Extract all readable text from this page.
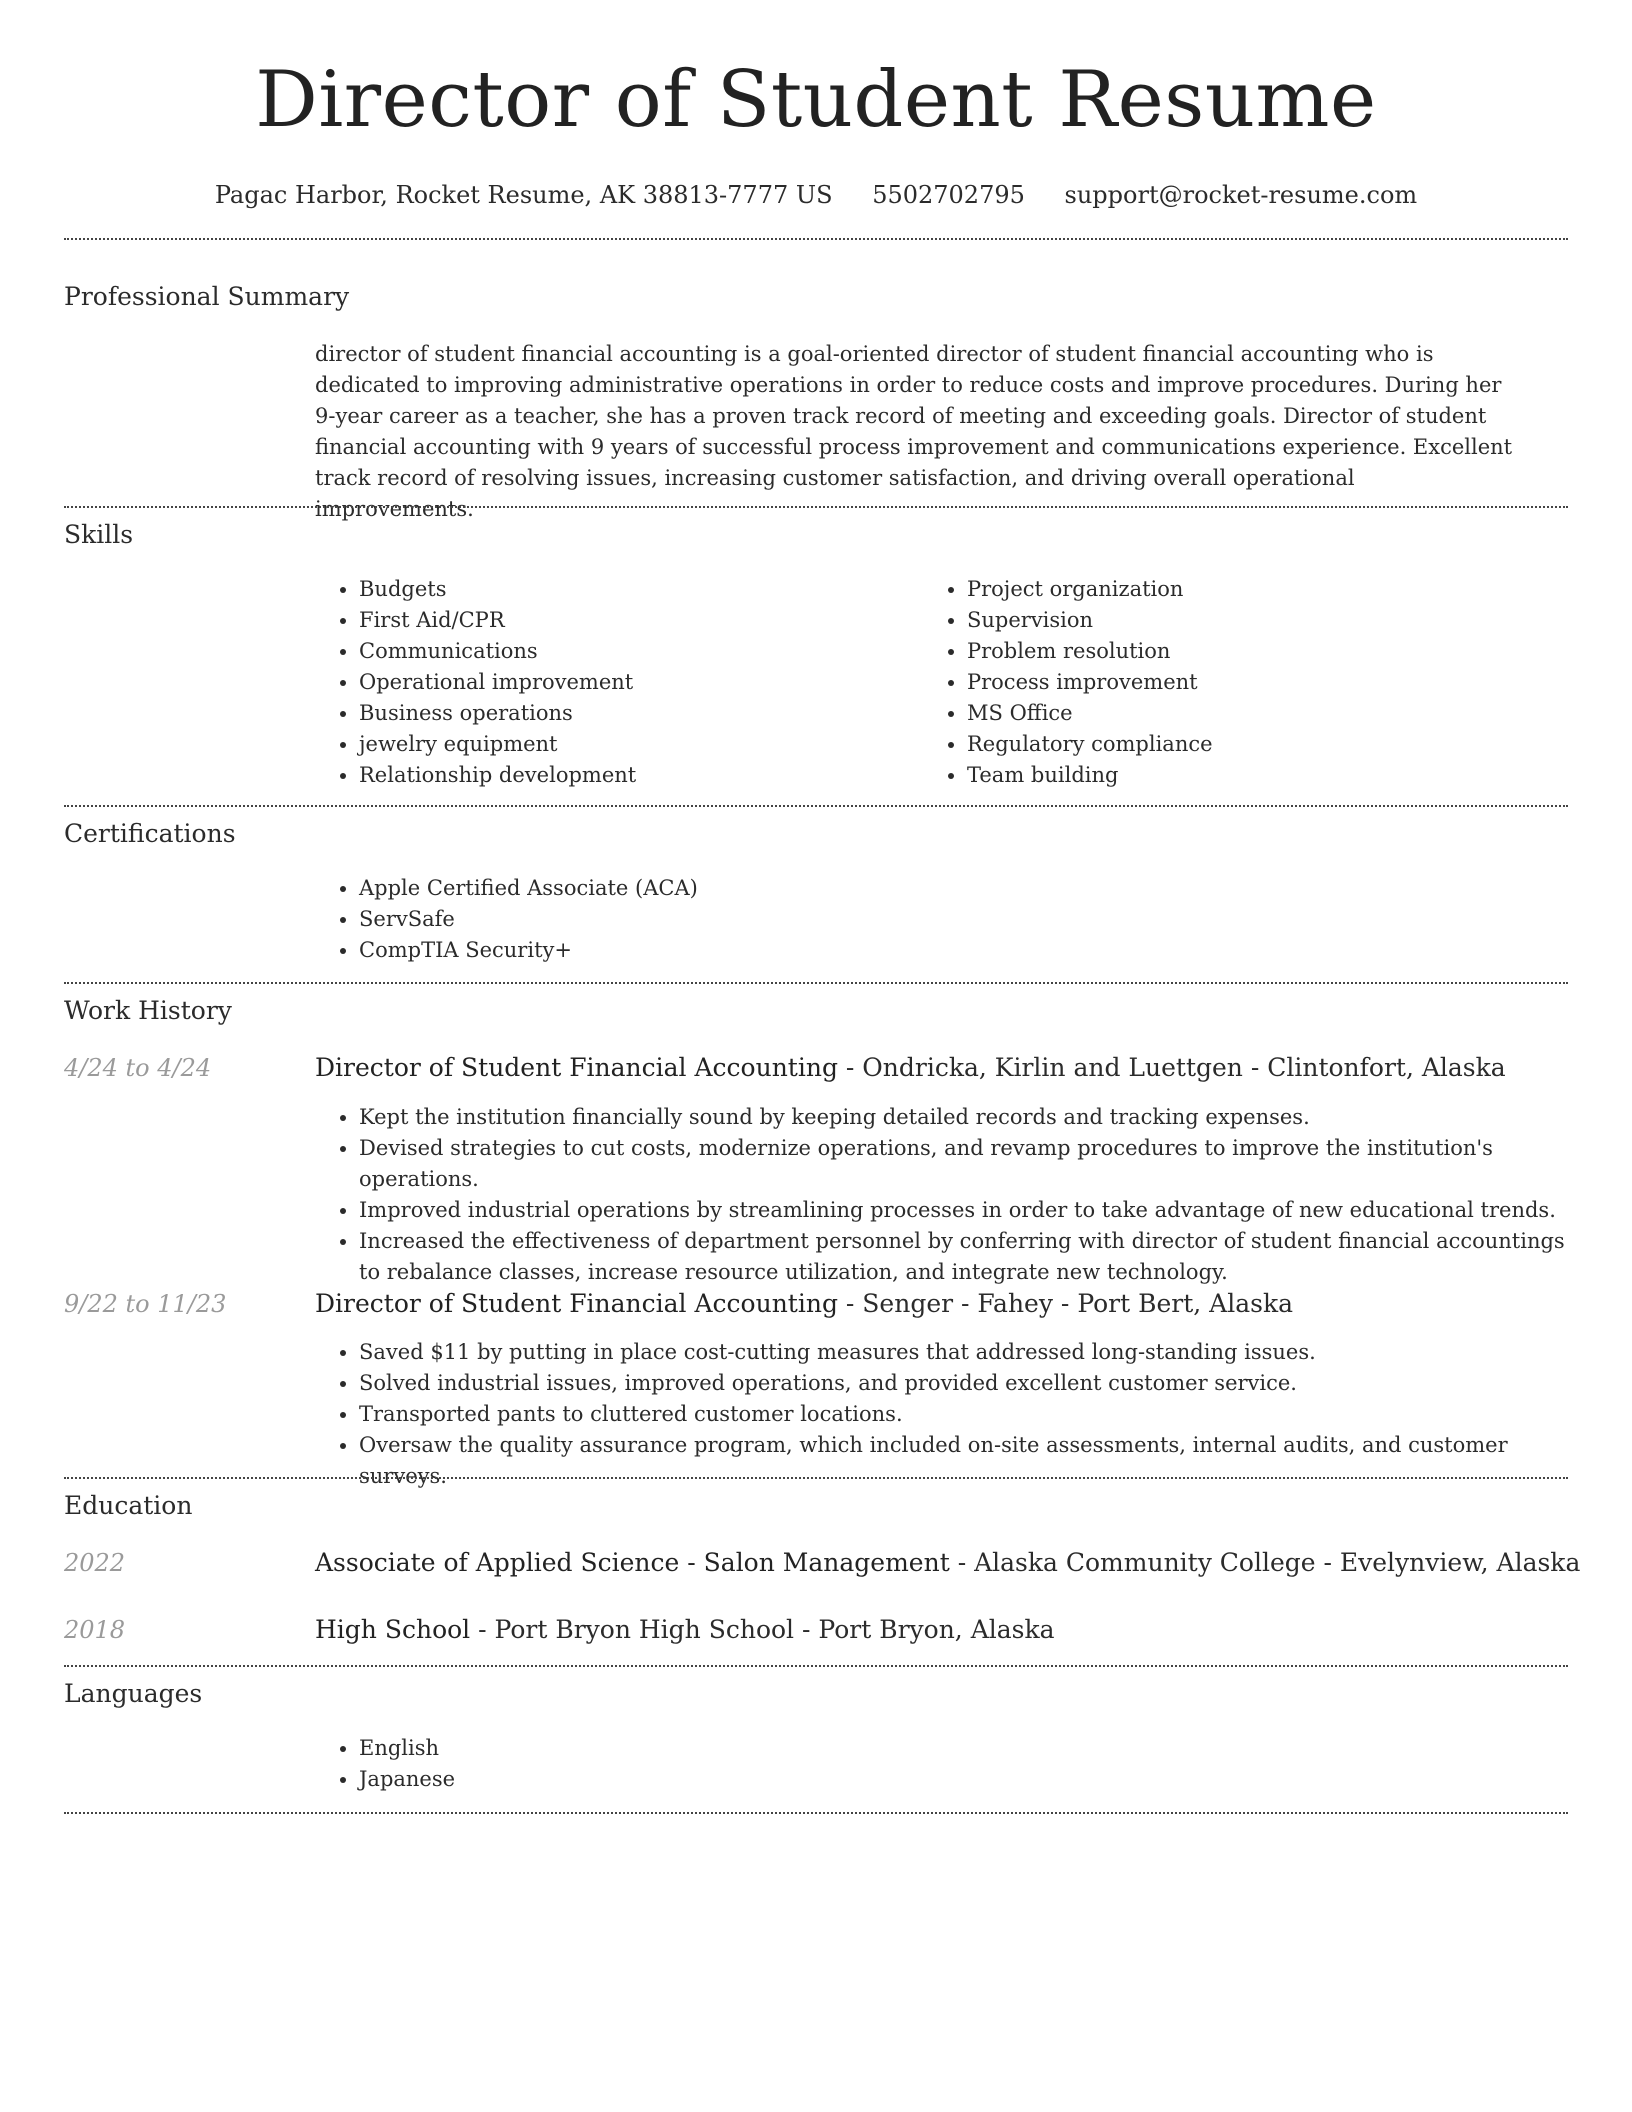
Director of Student Resume
Pagac Harbor, Rocket Resume, AK 38813-7777 US 5502702795 support@rocket-resume.com
Professional Summary

director of student financial accounting is a goal-oriented director of student financial accounting who is dedicated to improving administrative operations in order to reduce costs and improve procedures. During her 9-year career as a teacher, she has a proven track record of meeting and exceeding goals. Director of student financial accounting with 9 years of successful process improvement and communications experience. Excellent track record of resolving issues, increasing customer satisfaction, and driving overall operational improvements.

Skills
• Budgets
• First Aid/CPR
• Communications
• Operational improvement
• Business operations
• jewelry equipment
• Relationship development
• Project organization
• Supervision
• Problem resolution
• Process improvement
• MS Office
• Regulatory compliance
• Team building
Certifications
• Apple Certified Associate (ACA)
• ServSafe
• CompTIA Security+
Work History
4/24 to 4/24	Director of Student Financial Accounting - Ondricka, Kirlin and Luettgen - Clintonfort, Alaska
• Kept the institution financially sound by keeping detailed records and tracking expenses.
• Devised strategies to cut costs, modernize operations, and revamp procedures to improve the institution's operations.
• Improved industrial operations by streamlining processes in order to take advantage of new educational trends.
• Increased the effectiveness of department personnel by conferring with director of student financial accountings to rebalance classes, increase resource utilization, and integrate new technology.
9/22 to 11/23	Director of Student Financial Accounting - Senger - Fahey - Port Bert, Alaska
• Saved $11 by putting in place cost-cutting measures that addressed long-standing issues.
• Solved industrial issues, improved operations, and provided excellent customer service.
• Transported pants to cluttered customer locations.
• Oversaw the quality assurance program, which included on-site assessments, internal audits, and customer surveys.
Education
2022	Associate of Applied Science - Salon Management - Alaska Community College - Evelynview, Alaska
2018	High School - Port Bryon High School - Port Bryon, Alaska
Languages
• English
• Japanese
